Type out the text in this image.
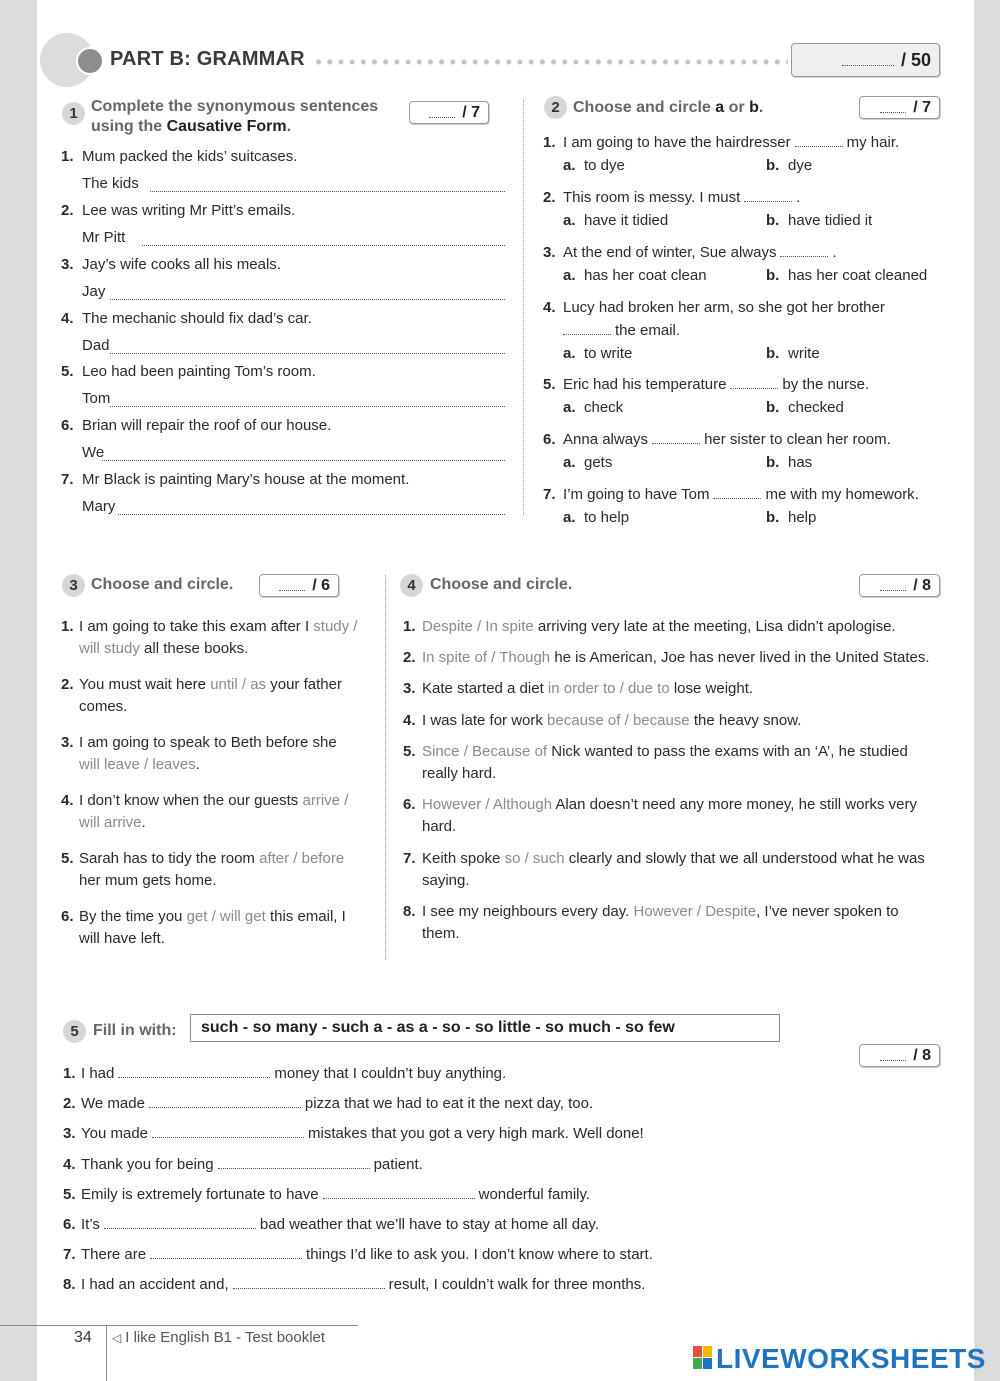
PART B: GRAMMAR	/ 50
1 Complete the synonymous sentences
using the Causative Form.
/ 7
1. Mum packed the kids’ suitcases.
The kids
2. Lee was writing Mr Pitt’s emails.
Mr Pitt
3. Jay’s wife cooks all his meals.
Jay
4. The mechanic should fix dad’s car.
Dad
5. Leo had been painting Tom’s room.
Tom
6. Brian will repair the roof of our house.
We
7. Mr Black is painting Mary’s house at the moment.
Mary
2 Choose and circle a or b.	/ 7
1. I am going to have the hairdresser	my hair.
a. to dye	b. dye
2. This room is messy. I must	.
a. have it tidied	b. have tidied it
3. At the end of winter, Sue always	.
a. has her coat clean	b. has her coat cleaned
4. Lucy had broken her arm, so she got her brother
the email.
a. to write	b. write
5. Eric had his temperature	by the nurse.
a. check	b. checked
6. Anna always	her sister to clean her room.
a. gets	b. has
7. I’m going to have Tom	me with my homework.
a. to help	b. help
3 Choose and circle.	/ 6
1. I am going to take this exam after I study /
will study all these books.
2. You must wait here until / as your father
comes.
3. I am going to speak to Beth before she
will leave / leaves.
4. I don’t know when the our guests arrive /
will arrive.
5. Sarah has to tidy the room after / before
her mum gets home.
6. By the time you get / will get this email, I
will have left.
4 Choose and circle.	/ 8
1. Despite / In spite arriving very late at the meeting, Lisa didn’t apologise.
2. In spite of / Though he is American, Joe has never lived in the United States.
3. Kate started a diet in order to / due to lose weight.
4. I was late for work because of / because the heavy snow.
5. Since / Because of Nick wanted to pass the exams with an ‘A’, he studied
really hard.
6. However / Although Alan doesn’t need any more money, he still works very
hard.
7. Keith spoke so / such clearly and slowly that we all understood what he was
saying.
8. I see my neighbours every day. However / Despite, I’ve never spoken to
them.
5 Fill in with:	such - so many - such a - as a - so - so little - so much - so few
/ 8
1. I had	money that I couldn’t buy anything.
2. We made	pizza that we had to eat it the next day, too.
3. You made	mistakes that you got a very high mark. Well done!
4. Thank you for being	patient.
5. Emily is extremely fortunate to have	wonderful family.
6. It’s	bad weather that we’ll have to stay at home all day.
7. There are	things I’d like to ask you. I don’t know where to start.
8. I had an accident and,	result, I couldn’t walk for three months.
34 ◁ I like English B1 - Test booklet
LIVEWORKSHEETS
